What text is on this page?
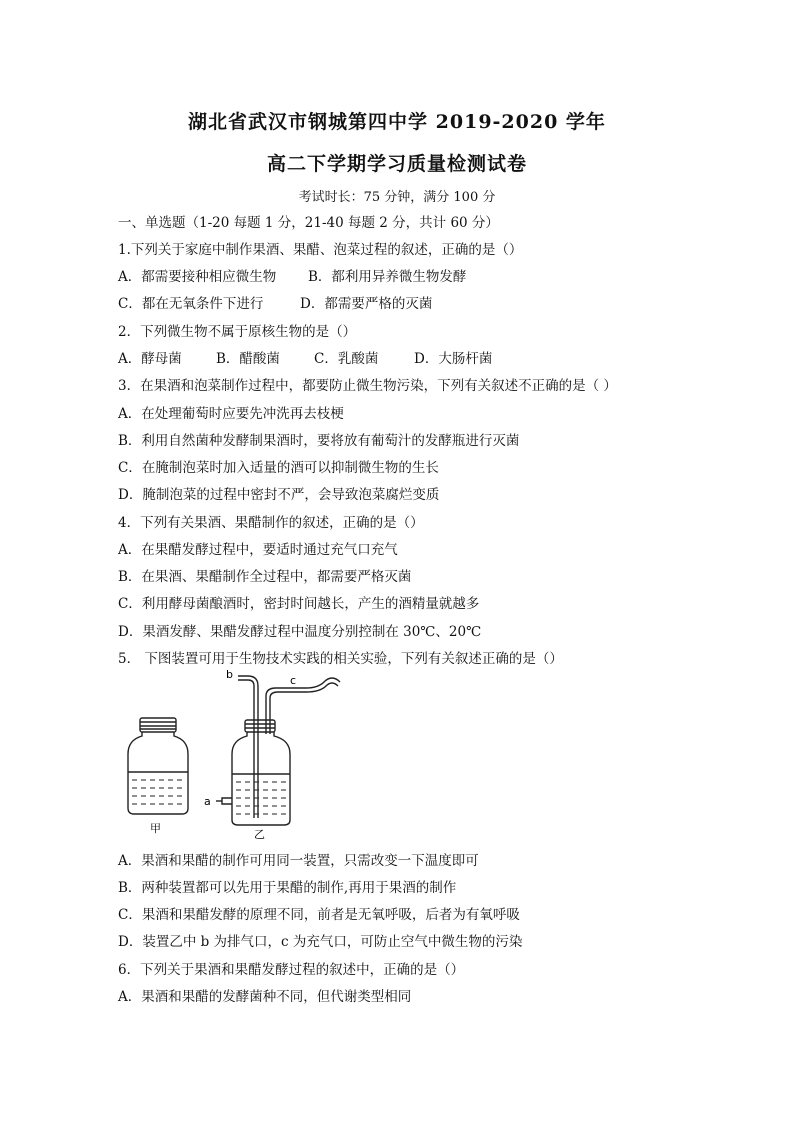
湖北省武汉市钢城第四中学 2019-2020 学年
高二下学期学习质量检测试卷
考试时长：75 分钟，满分 100 分
一、单选题（1-20 每题 1 分，21-40 每题 2 分，共计 60 分）
1.下列关于家庭中制作果酒、果醋、泡菜过程的叙述，正确的是（）
A．都需要接种相应微生物 B．都利用异养微生物发酵
C．都在无氧条件下进行	D．都需要严格的灭菌
2．下列微生物不属于原核生物的是（）
A．酵母菌	B．醋酸菌	C．乳酸菌	D．大肠杆菌
3．在果酒和泡菜制作过程中，都要防止微生物污染，下列有关叙述不正确的是（ ）
A．在处理葡萄时应要先冲洗再去枝梗
B．利用自然菌种发酵制果酒时，要将放有葡萄汁的发酵瓶进行灭菌
C．在腌制泡菜时加入适量的酒可以抑制微生物的生长
D．腌制泡菜的过程中密封不严，会导致泡菜腐烂变质
4．下列有关果酒、果醋制作的叙述，正确的是（）
A．在果醋发酵过程中，要适时通过充气口充气
B．在果酒、果醋制作全过程中，都需要严格灭菌
C．利用酵母菌酿酒时，密封时间越长，产生的酒精量就越多
D．果酒发酵、果醋发酵过程中温度分别控制在 30℃、20℃
5． 下图装置可用于生物技术实践的相关实验，下列有关叙述正确的是（）
甲
b	c
a
乙
A．果酒和果醋的制作可用同一装置，只需改变一下温度即可
B．两种装置都可以先用于果醋的制作,再用于果酒的制作
C．果酒和果醋发酵的原理不同，前者是无氧呼吸，后者为有氧呼吸
D．装置乙中 b 为排气口，c 为充气口，可防止空气中微生物的污染
6．下列关于果酒和果醋发酵过程的叙述中，正确的是（）
A．果酒和果醋的发酵菌种不同，但代谢类型相同
